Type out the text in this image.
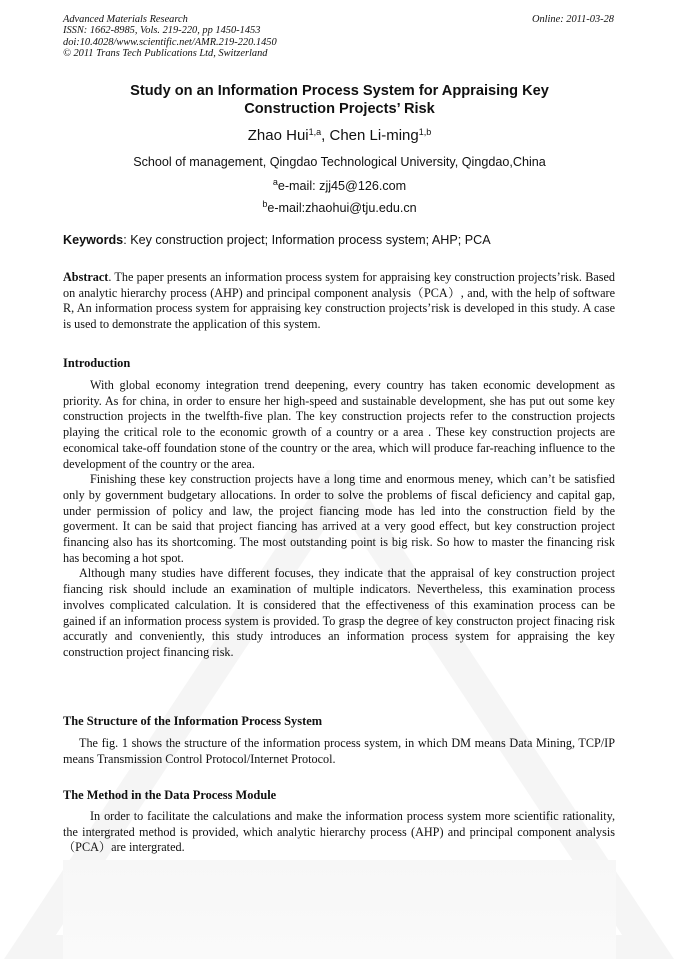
Advanced Materials Research
ISSN: 1662-8985, Vols. 219-220, pp 1450-1453
doi:10.4028/www.scientific.net/AMR.219-220.1450
© 2011 Trans Tech Publications Ltd, Switzerland
Online: 2011-03-28
Study on an Information Process System for Appraising Key
Construction Projects’ Risk
Zhao Hui$^{1,a}$, Chen Li-ming$^{1,b}$
School of management, Qingdao Technological University, Qingdao,China
$^a$e-mail: zjj45@126.com
$^b$e-mail:zhaohui@tju.edu.cn
Keywords: Key construction project; Information process system; AHP; PCA

Abstract. The paper presents an information process system for appraising key construction projects’risk. Based on analytic hierarchy process (AHP) and principal component analysis（PCA）, and, with the help of software R, An information process system for appraising key construction projects’risk is developed in this study. A case is used to demonstrate the application of this system.

Introduction

With global economy integration trend deepening, every country has taken economic development as priority. As for china, in order to ensure her high-speed and sustainable development, she has put out some key construction projects in the twelfth-five plan. The key construction projects refer to the construction projects playing the critical role to the economic growth of a country or a area . These key construction projects are economical take-off foundation stone of the country or the area, which will produce far-reaching influence to the development of the country or the area.

Finishing these key construction projects have a long time and enormous meney, which can’t be satisfied only by government budgetary allocations. In order to solve the problems of fiscal deficiency and capital gap, under permission of policy and law, the project fiancing mode has led into the construction field by the goverment. It can be said that project fiancing has arrived at a very good effect, but key construction project financing also has its shortcoming. The most outstanding point is big risk. So how to master the financing risk has becoming a hot spot.

Although many studies have different focuses, they indicate that the appraisal of key construction project fiancing risk should include an examination of multiple indicators. Nevertheless, this examination process involves complicated calculation. It is considered that the effectiveness of this examination process can be gained if an information process system is provided. To grasp the degree of key constructon project finacing risk accuratly and conveniently, this study introduces an information process system for appraising the key construction project financing risk.

The Structure of the Information Process System

The fig. 1 shows the structure of the information process system, in which DM means Data Mining, TCP/IP means Transmission Control Protocol/Internet Protocol.

The Method in the Data Process Module

In order to facilitate the calculations and make the information process system more scientific rationality, the intergrated method is provided, which analytic hierarchy process (AHP) and principal component analysis（PCA）are intergrated.
